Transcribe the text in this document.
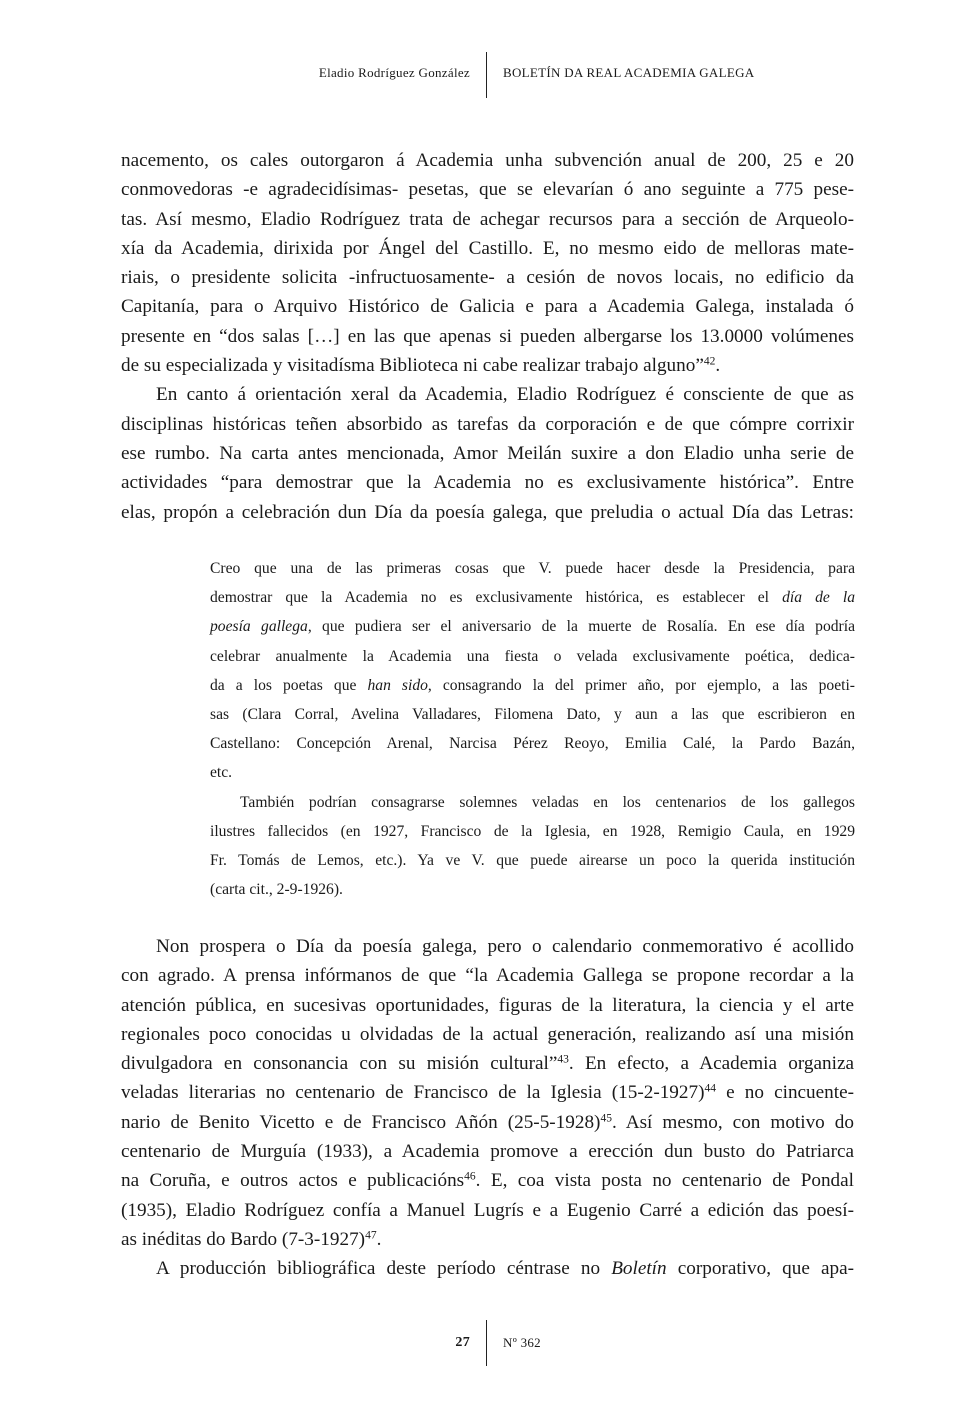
Eladio Rodríguez González	BOLETÍN DA REAL ACADEMIA GALEGA
nacemento, os cales outorgaron á Academia unha subvención anual de 200, 25 e 20
conmovedoras -e agradecidísimas- pesetas, que se elevarían ó ano seguinte a 775 pese-
tas. Así mesmo, Eladio Rodríguez trata de achegar recursos para a sección de Arqueolo-
xía da Academia, dirixida por Ángel del Castillo. E, no mesmo eido de melloras mate-
riais, o presidente solicita -infructuosamente- a cesión de novos locais, no edificio da
Capitanía, para o Arquivo Histórico de Galicia e para a Academia Galega, instalada ó
presente en “dos salas […] en las que apenas si pueden albergarse los 13.0000 volúmenes
de su especializada y visitadísma Biblioteca ni cabe realizar trabajo alguno”$^{42}$.
En canto á orientación xeral da Academia, Eladio Rodríguez é consciente de que as
disciplinas históricas teñen absorbido as tarefas da corporación e de que cómpre corrixir
ese rumbo. Na carta antes mencionada, Amor Meilán suxire a don Eladio unha serie de
actividades “para demostrar que la Academia no es exclusivamente histórica”. Entre
elas, propón a celebración dun Día da poesía galega, que preludia o actual Día das Letras:
Creo que una de las primeras cosas que V. puede hacer desde la Presidencia, para
demostrar que la Academia no es exclusivamente histórica, es establecer el día de la
poesía gallega, que pudiera ser el aniversario de la muerte de Rosalía. En ese día podría
celebrar anualmente la Academia una fiesta o velada exclusivamente poética, dedica-
da a los poetas que han sido, consagrando la del primer año, por ejemplo, a las poeti-
sas (Clara Corral, Avelina Valladares, Filomena Dato, y aun a las que escribieron en
Castellano: Concepción Arenal, Narcisa Pérez Reoyo, Emilia Calé, la Pardo Bazán,
etc.
También podrían consagrarse solemnes veladas en los centenarios de los gallegos
ilustres fallecidos (en 1927, Francisco de la Iglesia, en 1928, Remigio Caula, en 1929
Fr. Tomás de Lemos, etc.). Ya ve V. que puede airearse un poco la querida institución
(carta cit., 2-9-1926).
Non prospera o Día da poesía galega, pero o calendario conmemorativo é acollido
con agrado. A prensa infórmanos de que “la Academia Gallega se propone recordar a la
atención pública, en sucesivas oportunidades, figuras de la literatura, la ciencia y el arte
regionales poco conocidas u olvidadas de la actual generación, realizando así una misión
divulgadora en consonancia con su misión cultural”$^{43}$. En efecto, a Academia organiza
veladas literarias no centenario de Francisco de la Iglesia $(15-2-1927)^{44}$ e no cincuente-
nario de Benito Vicetto e de Francisco Añón $(25-5-1928)^{45}$. Así mesmo, con motivo do
centenario de Murguía (1933), a Academia promove a erección dun busto do Patriarca
na Coruña, e outros actos e publicacións$^{46}$. E, coa vista posta no centenario de Pondal
(1935), Eladio Rodríguez confía a Manuel Lugrís e a Eugenio Carré a edición das poesí-
as inéditas do Bardo $(7-3-1927)^{47}$.
A producción bibliográfica deste período céntrase no Boletín corporativo, que apa-
27	Nº 362
